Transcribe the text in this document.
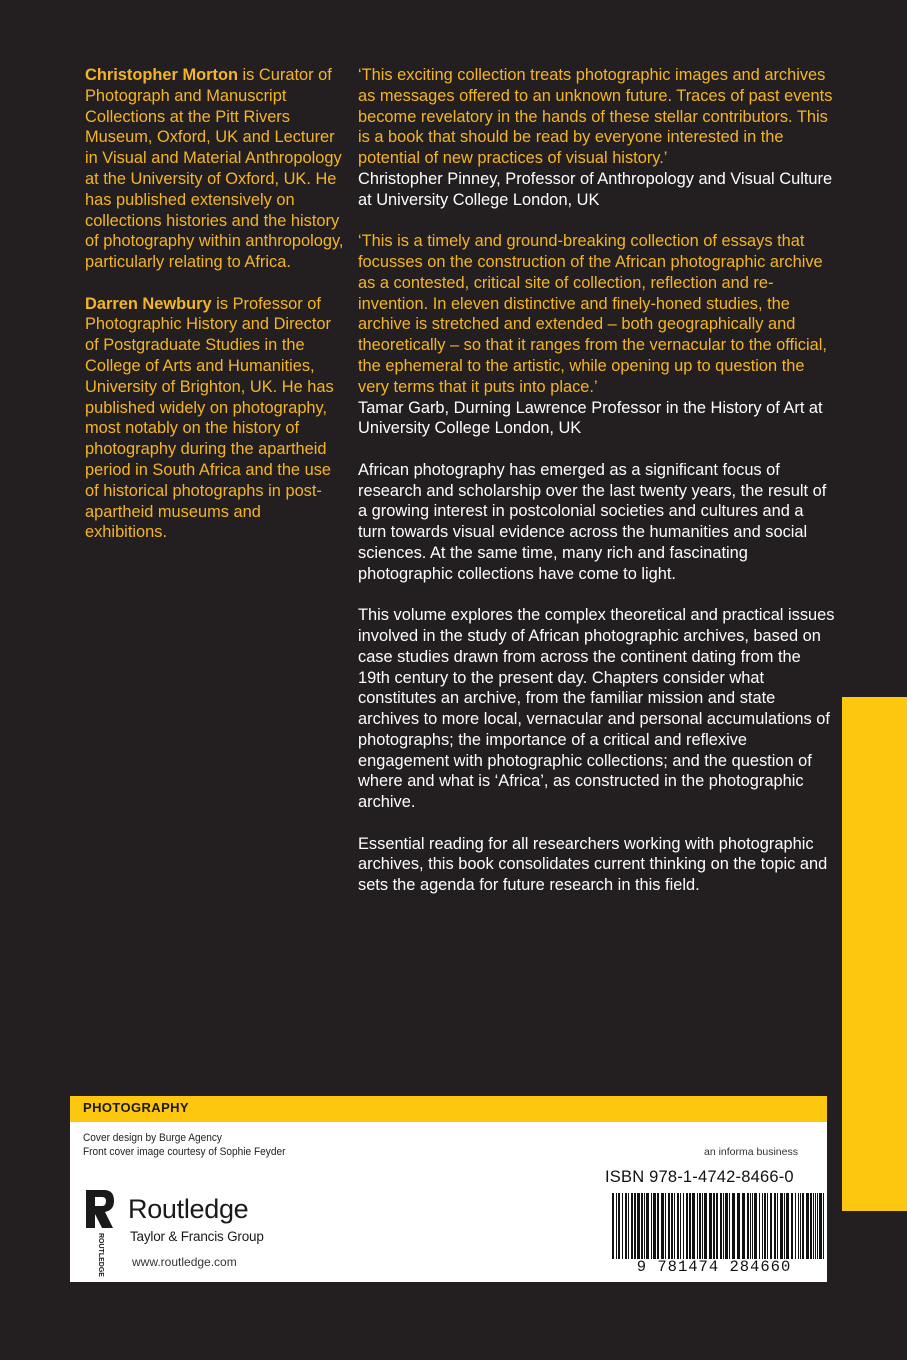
Christopher Morton is Curator of Photograph and Manuscript Collections at the Pitt Rivers Museum, Oxford, UK and Lecturer in Visual and Material Anthropology at the University of Oxford, UK. He has published extensively on collections histories and the history of photography within anthropology, particularly relating to Africa.

Darren Newbury is Professor of Photographic History and Director of Postgraduate Studies in the College of Arts and Humanities, University of Brighton, UK. He has published widely on photography, most notably on the history of photography during the apartheid period in South Africa and the use of historical photographs in post-apartheid museums and exhibitions.

‘This exciting collection treats photographic images and archives as messages offered to an unknown future. Traces of past events become revelatory in the hands of these stellar contributors. This is a book that should be read by everyone interested in the potential of new practices of visual history.’

Christopher Pinney, Professor of Anthropology and Visual Culture at University College London, UK

‘This is a timely and ground-breaking collection of essays that focusses on the construction of the African photographic archive as a contested, critical site of collection, reflection and re-invention. In eleven distinctive and finely-honed studies, the archive is stretched and extended – both geographically and theoretically – so that it ranges from the vernacular to the official, the ephemeral to the artistic, while opening up to question the very terms that it puts into place.’

Tamar Garb, Durning Lawrence Professor in the History of Art at University College London, UK

African photography has emerged as a significant focus of research and scholarship over the last twenty years, the result of a growing interest in postcolonial societies and cultures and a turn towards visual evidence across the humanities and social sciences. At the same time, many rich and fascinating photographic collections have come to light.

This volume explores the complex theoretical and practical issues involved in the study of African photographic archives, based on case studies drawn from across the continent dating from the 19th century to the present day. Chapters consider what constitutes an archive, from the familiar mission and state archives to more local, vernacular and personal accumulations of photographs; the importance of a critical and reflexive engagement with photographic collections; and the question of where and what is ‘Africa’, as constructed in the photographic archive.

Essential reading for all researchers working with photographic archives, this book consolidates current thinking on the topic and sets the agenda for future research in this field.

PHOTOGRAPHY
Cover design by Burge Agency
Front cover image courtesy of Sophie Feyder	an informa business
ISBN 978-1-4742-8466-0
ROUTLEDGE
Routledge
Taylor & Francis Group
www.routledge.com	9 781474 284660
